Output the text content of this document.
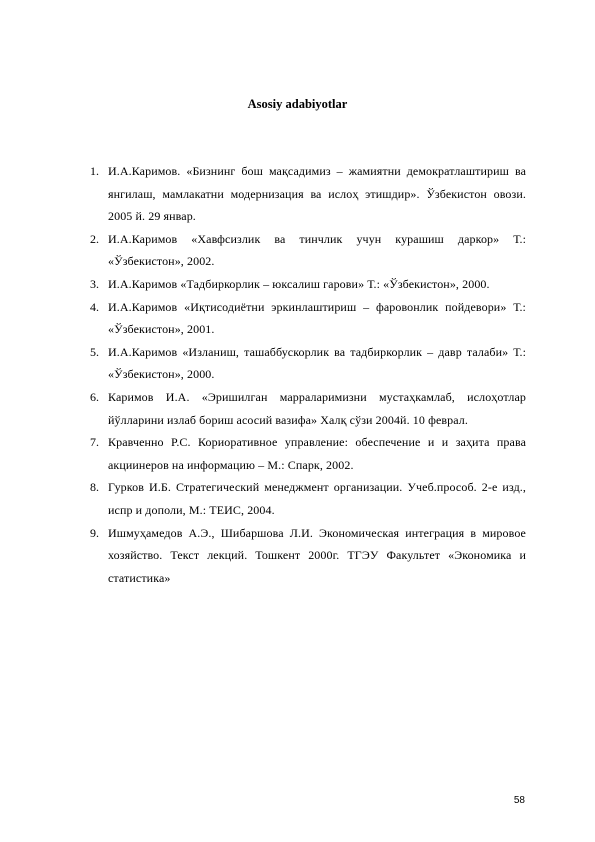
Asosiy adabiyotlar
1. И.А.Каримов. «Бизнинг бош мақсадимиз – жамиятни демократлаштириш ва янгилаш, мамлакатни модернизация ва ислоҳ этишдир». Ўзбекистон овози. 2005 й. 29 январ.
2. И.А.Каримов «Хавфсизлик ва тинчлик учун курашиш даркор» Т.: «Ўзбекистон», 2002.
3. И.А.Каримов «Тадбиркорлик – юксалиш гарови» Т.: «Ўзбекистон», 2000.
4. И.А.Каримов «Иқтисодиётни эркинлаштириш – фаровонлик пойдевори» Т.: «Ўзбекистон», 2001.
5. И.А.Каримов «Изланиш, ташаббускорлик ва тадбиркорлик – давр талаби» Т.: «Ўзбекистон», 2000.
6. Каримов И.А. «Эришилган марраларимизни мустаҳкамлаб, ислоҳотлар йўлларини излаб бориш асосий вазифа» Халқ сўзи 2004й. 10 феврал.
7. Кравченно Р.С. Кориоративное управление: обеспечение и и заҳита права акциинеров на информацию – М.: Спарк, 2002.
8. Гурков И.Б. Стратегический менеджмент организации. Учеб.пpособ. 2-е изд., испр и дополи, М.: ТЕИС, 2004.
9. Ишмуҳамедов А.Э., Шибаршова Л.И. Экономическая интеграция в мировое хозяйство. Текст лекций. Тошкент 2000г. ТГЭУ Факультет «Экономика и статистика»
58
